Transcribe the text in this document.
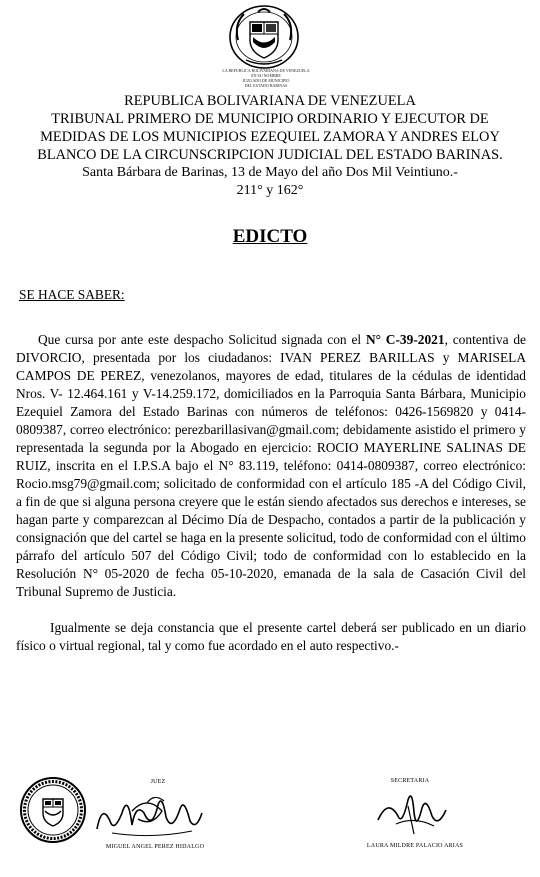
LA REPUBLICA BOLIVARIANA DE VENEZUELA
EN SU NOMBRE
JUZGADO DE MUNICIPIO
DEL ESTADO BARINAS
REPUBLICA BOLIVARIANA DE VENEZUELA
TRIBUNAL PRIMERO DE MUNICIPIO ORDINARIO Y EJECUTOR DE
MEDIDAS DE LOS MUNICIPIOS EZEQUIEL ZAMORA Y ANDRES ELOY
BLANCO DE LA CIRCUNSCRIPCION JUDICIAL DEL ESTADO BARINAS.
Santa Bárbara de Barinas, 13 de Mayo del año Dos Mil Veintiuno.-
211° y 162°
EDICTO
SE HACE SABER:

Que cursa por ante este despacho Solicitud signada con el N° C-39-2021, contentiva de DIVORCIO, presentada por los ciudadanos: IVAN PEREZ BARILLAS y MARISELA CAMPOS DE PEREZ, venezolanos, mayores de edad, titulares de la cédulas de identidad Nros. V- 12.464.161 y V-14.259.172, domiciliados en la Parroquia Santa Bárbara, Municipio Ezequiel Zamora del Estado Barinas con números de teléfonos: 0426-1569820 y 0414-0809387, correo electrónico: perezbarillasivan@gmail.com; debidamente asistido el primero y representada la segunda por la Abogado en ejercicio: ROCIO MAYERLINE SALINAS DE RUIZ, inscrita en el I.P.S.A bajo el N° 83.119, teléfono: 0414-0809387, correo electrónico: Rocio.msg79@gmail.com; solicitado de conformidad con el artículo 185 -A del Código Civil, a fin de que si alguna persona creyere que le están siendo afectados sus derechos e intereses, se hagan parte y comparezcan al Décimo Día de Despacho, contados a partir de la publicación y consignación que del cartel se haga en la presente solicitud, todo de conformidad con el último párrafo del artículo 507 del Código Civil; todo de conformidad con lo establecido en la Resolución N° 05-2020 de fecha 05-10-2020, emanada de la sala de Casación Civil del Tribunal Supremo de Justicia.

Igualmente se deja constancia que el presente cartel deberá ser publicado en un diario físico o virtual regional, tal y como fue acordado en el auto respectivo.-

JUEZ
MIGUEL ANGEL PEREZ HIDALGO
SECRETARIA
LAURA MILDRE PALACIO ARIAS
